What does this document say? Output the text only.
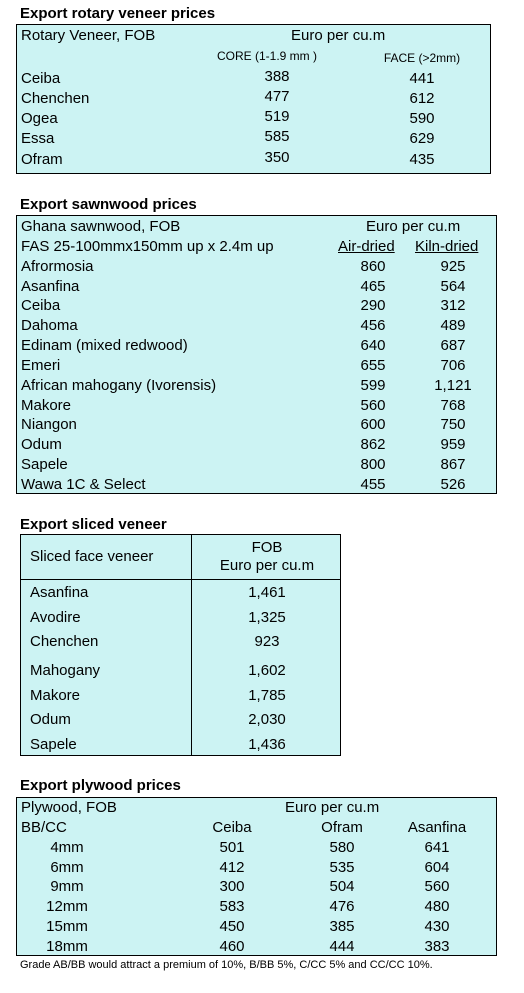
Export rotary veneer prices
Rotary Veneer, FOB	Euro per cu.m
CORE (1-1.9 mm )	FACE (>2mm)
Ceiba	388	441
Chenchen	477	612
Ogea	519	590
Essa	585	629
Ofram	350	435
Export sawnwood prices
Ghana sawnwood, FOB	Euro per cu.m
FAS 25-100mmx150mm up x 2.4m up	Air-dried Kiln-dried
Afrormosia	860	925
Asanfina	465	564
Ceiba	290	312
Dahoma	456	489
Edinam (mixed redwood)	640	687
Emeri	655	706
African mahogany (Ivorensis)	599	1,121
Makore	560	768
Niangon	600	750
Odum	862	959
Sapele	800	867
Wawa 1C & Select	455	526
Export sliced veneer
Sliced face veneer
FOB
Euro per cu.m
Asanfina	1,461
Avodire	1,325
Chenchen	923
Mahogany	1,602
Makore	1,785
Odum	2,030
Sapele	1,436
Export plywood prices
Plywood, FOB	Euro per cu.m
BB/CC	Ceiba	Ofram	Asanfina
4mm	501	580	641
6mm	412	535	604
9mm	300	504	560
12mm	583	476	480
15mm	450	385	430
18mm	460	444	383
Grade AB/BB would attract a premium of 10%, B/BB 5%, C/CC 5% and CC/CC 10%.
